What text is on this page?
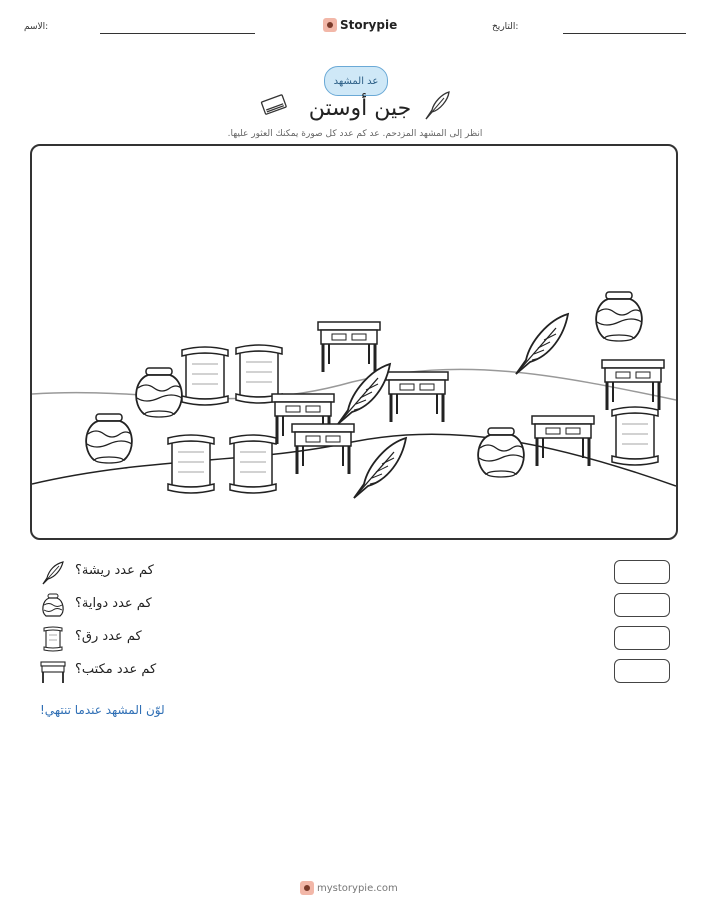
الاسم:	Storypie	التاريخ:
عد المشهد
جين أوستن
انظر إلى المشهد المزدحم. عد كم عدد كل صورة يمكنك العثور عليها.
كم عدد ريشة؟
كم عدد دواية؟
كم عدد رق؟
كم عدد مكتب؟
لوّن المشهد عندما تنتهي!
mystorypie.com
